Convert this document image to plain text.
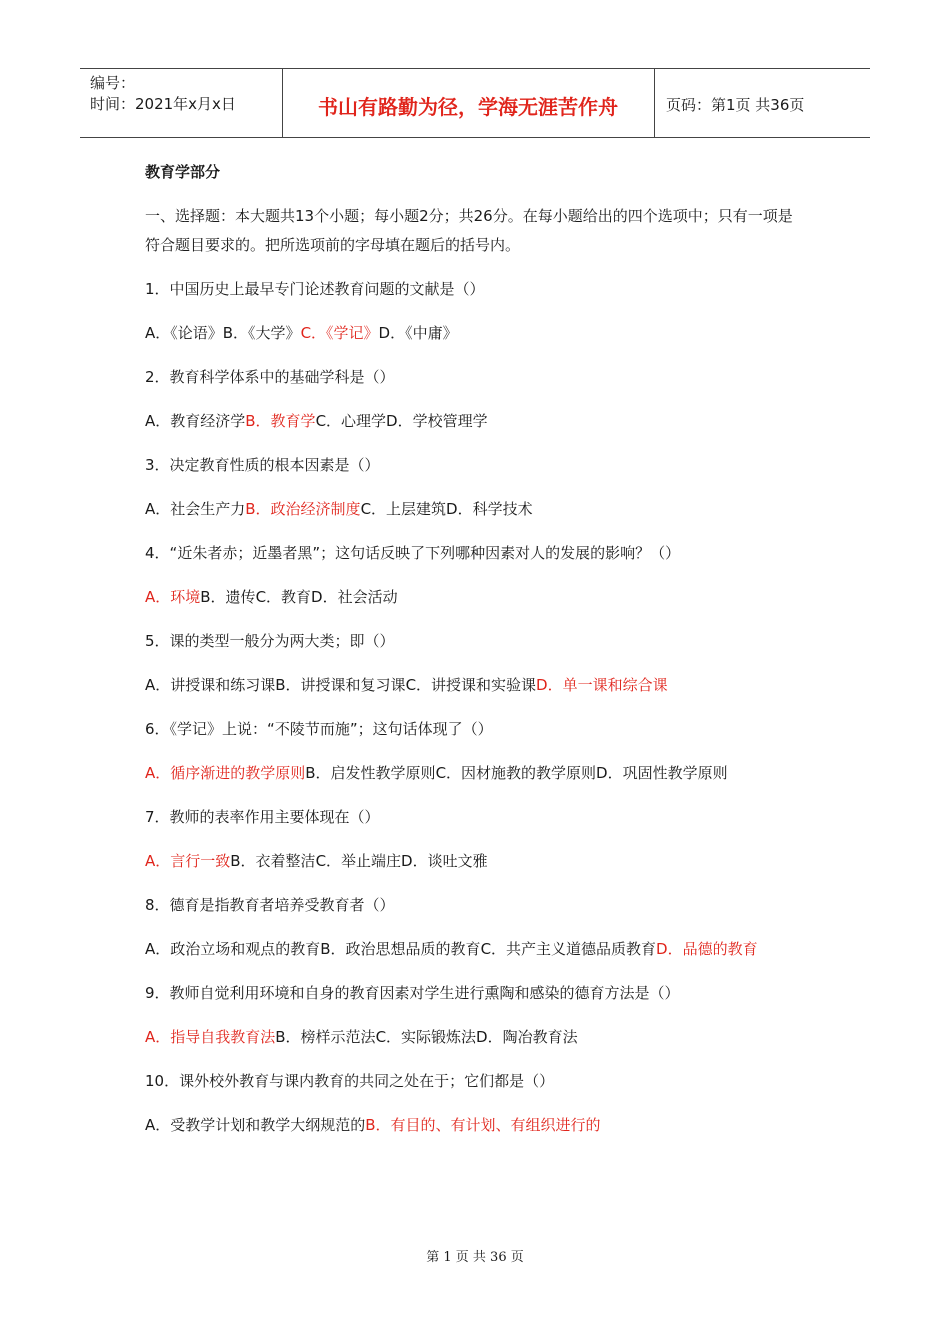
编号：
时间：2021年x月x日	书山有路勤为径，学海无涯苦作舟	页码：第1页 共36页
教育学部分
一、选择题：本大题共13个小题；每小题2分；共26分。在每小题给出的四个选项中；只有一项是符合题目要求的。把所选项前的字母填在题后的括号内。
1．中国历史上最早专门论述教育问题的文献是（）
A．《论语》B．《大学》C．《学记》D．《中庸》
2．教育科学体系中的基础学科是（）
A．教育经济学B．教育学C．心理学D．学校管理学
3．决定教育性质的根本因素是（）
A．社会生产力B．政治经济制度C．上层建筑D．科学技术
4．“近朱者赤；近墨者黑”；这句话反映了下列哪种因素对人的发展的影响？（）
A．环境B．遗传C．教育D．社会活动
5．课的类型一般分为两大类；即（）
A．讲授课和练习课B．讲授课和复习课C．讲授课和实验课D．单一课和综合课
6．《学记》上说：“不陵节而施”；这句话体现了（）
A．循序渐进的教学原则B．启发性教学原则C．因材施教的教学原则D．巩固性教学原则
7．教师的表率作用主要体现在（）
A．言行一致B．衣着整洁C．举止端庄D．谈吐文雅
8．德育是指教育者培养受教育者（）
A．政治立场和观点的教育B．政治思想品质的教育C．共产主义道德品质教育D．品德的教育
9．教师自觉利用环境和自身的教育因素对学生进行熏陶和感染的德育方法是（）
A．指导自我教育法B．榜样示范法C．实际锻炼法D．陶冶教育法
10．课外校外教育与课内教育的共同之处在于；它们都是（）
A．受教学计划和教学大纲规范的B．有目的、有计划、有组织进行的
第 1 页 共 36 页
